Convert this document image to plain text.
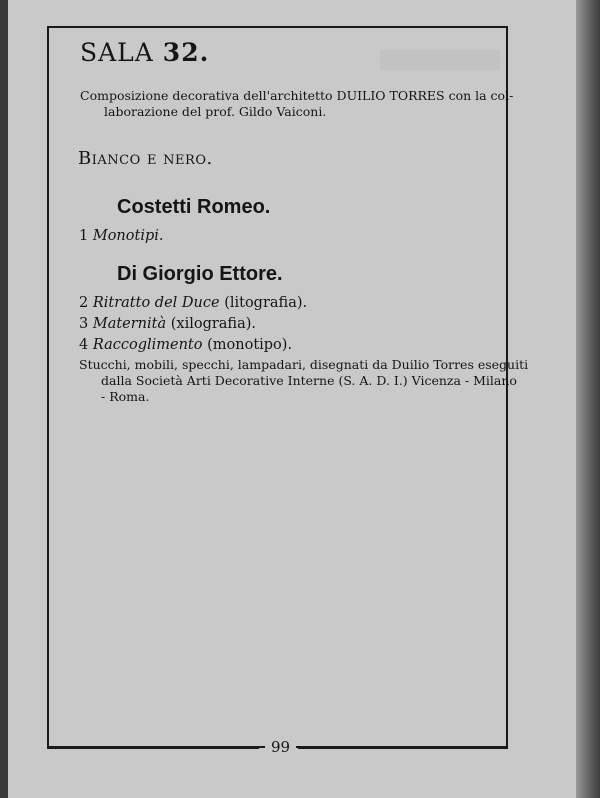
SALA 32.
Composizione decorativa dell'architetto DUILIO TORRES con la col-
laborazione del prof. Gildo Vaiconi.
Bianco e nero.
Costetti Romeo.
1 Monotipi.
Di Giorgio Ettore.
2 Ritratto del Duce (litografia).
3 Maternità (xilografia).
4 Raccoglimento (monotipo).
Stucchi, mobili, specchi, lampadari, disegnati da Duilio Torres eseguiti
dalla Società Arti Decorative Interne (S. A. D. I.) Vicenza - Milano
- Roma.
99
